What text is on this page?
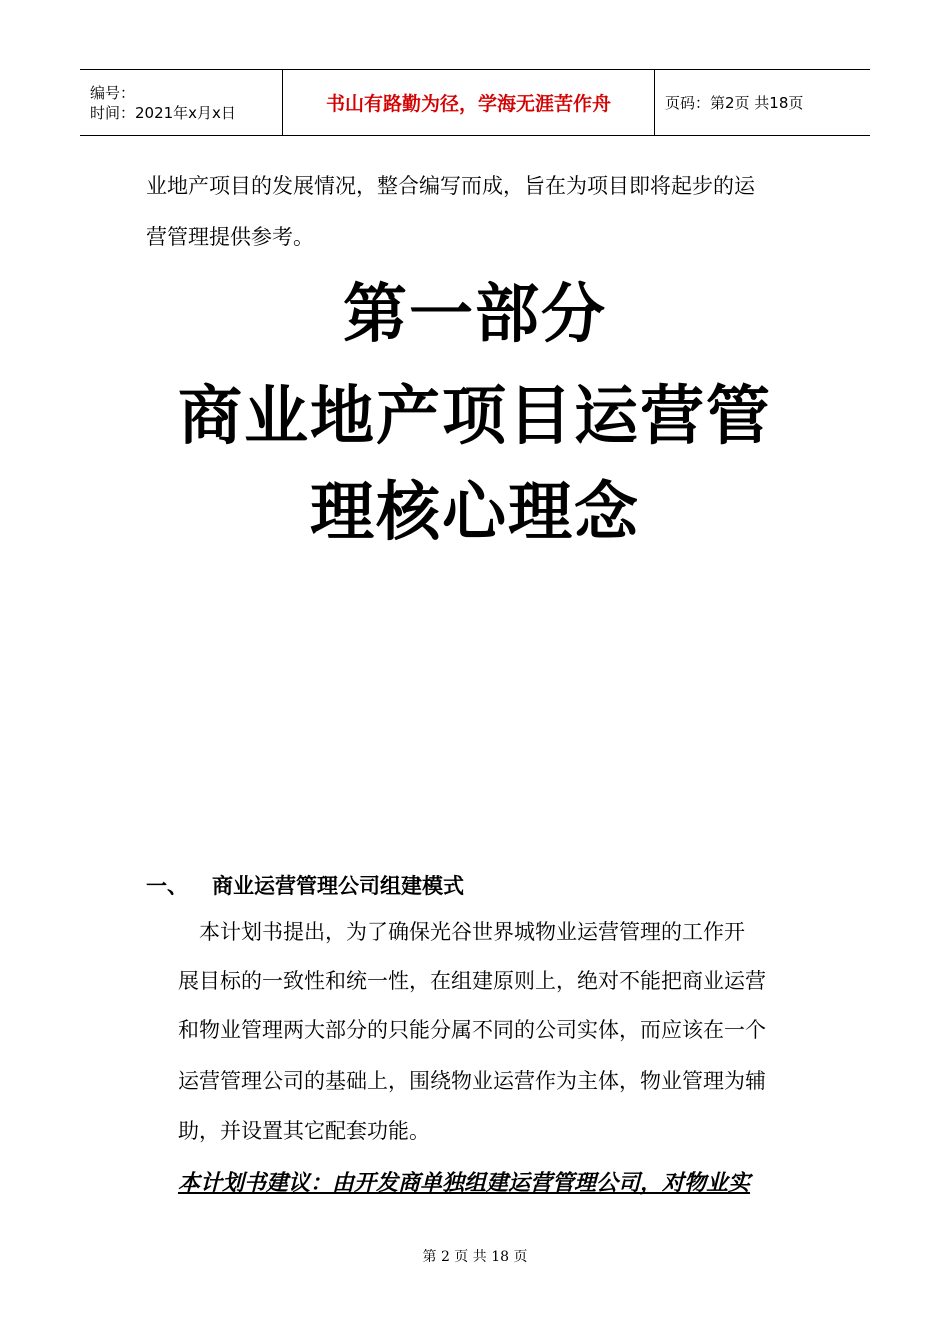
编号：
时间：2021年x月x日	书山有路勤为径，学海无涯苦作舟	页码：第2页 共18页
业地产项目的发展情况，整合编写而成，旨在为项目即将起步的运
营管理提供参考。
第一部分
商业地产项目运营管
理核心理念
一、	商业运营管理公司组建模式
　本计划书提出，为了确保光谷世界城物业运营管理的工作开
展目标的一致性和统一性，在组建原则上，绝对不能把商业运营
和物业管理两大部分的只能分属不同的公司实体，而应该在一个
运营管理公司的基础上，围绕物业运营作为主体，物业管理为辅
助，并设置其它配套功能。
本计划书建议：由开发商单独组建运营管理公司，对物业实
第 2 页 共 18 页
